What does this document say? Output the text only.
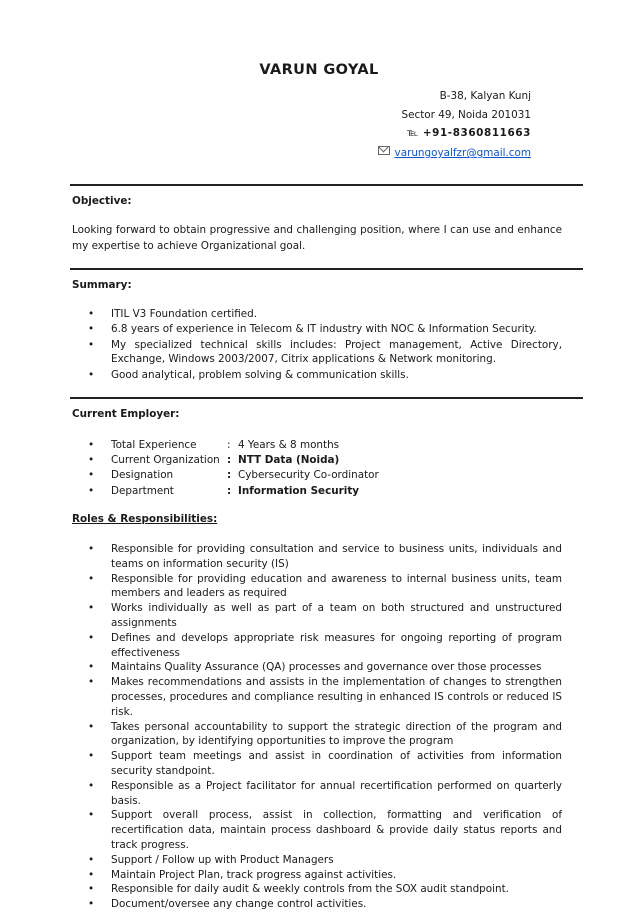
VARUN GOYAL
B-38, Kalyan Kunj
Sector 49, Noida 201031
℡ +91-8360811663
varungoyalfzr@gmail.com
Objective:
Looking forward to obtain progressive and challenging position, where I can use and enhance my expertise to achieve Organizational goal.
Summary:
• ITIL V3 Foundation certified.
• 6.8 years of experience in Telecom & IT industry with NOC & Information Security.
• My specialized technical skills includes: Project management, Active Directory, Exchange, Windows 2003/2007, Citrix applications & Network monitoring.
• Good analytical, problem solving & communication skills.
Current Employer:
• Total Experience	: 4 Years & 8 months
• Current Organization : NTT Data (Noida)
• Designation	: Cybersecurity Co-ordinator
• Department	: Information Security
Roles & Responsibilities:
• Responsible for providing consultation and service to business units, individuals and teams on information security (IS)
• Responsible for providing education and awareness to internal business units, team members and leaders as required
• Works individually as well as part of a team on both structured and unstructured assignments
• Defines and develops appropriate risk measures for ongoing reporting of program effectiveness
• Maintains Quality Assurance (QA) processes and governance over those processes
• Makes recommendations and assists in the implementation of changes to strengthen processes, procedures and compliance resulting in enhanced IS controls or reduced IS risk.
• Takes personal accountability to support the strategic direction of the program and organization, by identifying opportunities to improve the program
• Support team meetings and assist in coordination of activities from information security standpoint.
• Responsible as a Project facilitator for annual recertification performed on quarterly basis.
• Support overall process, assist in collection, formatting and verification of recertification data, maintain process dashboard & provide daily status reports and track progress.
• Support / Follow up with Product Managers
• Maintain Project Plan, track progress against activities.
• Responsible for daily audit & weekly controls from the SOX audit standpoint.
• Document/oversee any change control activities.
